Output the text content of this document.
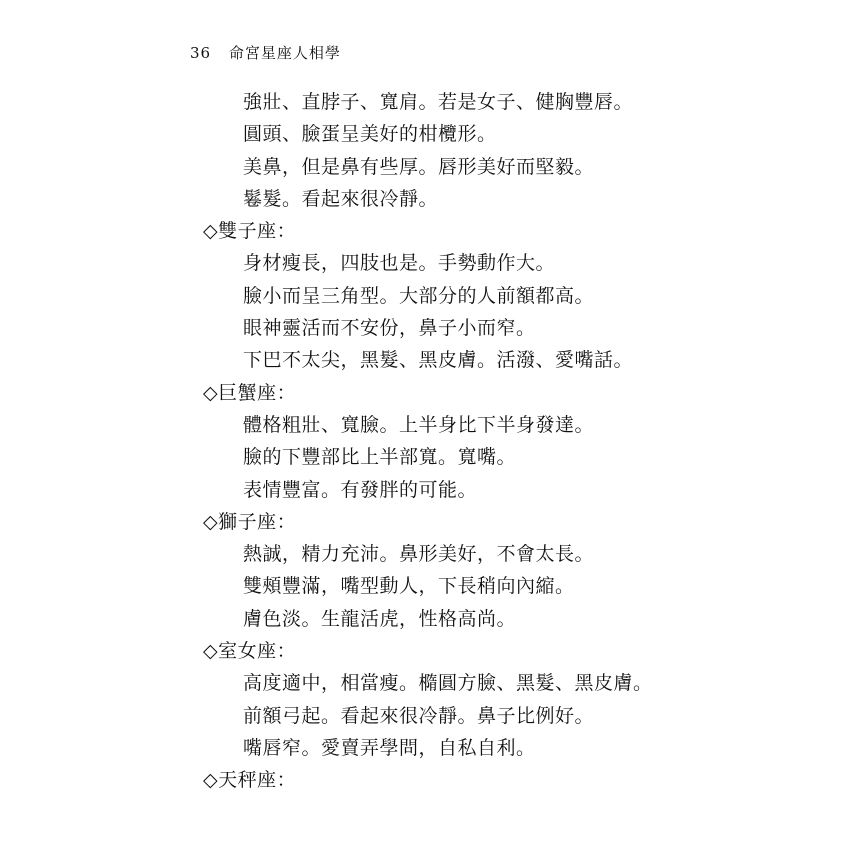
36 命宮星座人相學
強壯、直脖子、寬肩。若是女子、健胸豐唇。
圓頭、臉蛋呈美好的柑欖形。
美鼻，但是鼻有些厚。唇形美好而堅毅。
鬈髮。看起來很冷靜。
◇雙子座：
身材瘦長，四肢也是。手勢動作大。
臉小而呈三角型。大部分的人前額都高。
眼神靈活而不安份，鼻子小而窄。
下巴不太尖，黑髮、黑皮膚。活潑、愛嘴話。
◇巨蟹座：
體格粗壯、寬臉。上半身比下半身發達。
臉的下豐部比上半部寬。寬嘴。
表情豐富。有發胖的可能。
◇獅子座：
熱誠，精力充沛。鼻形美好，不會太長。
雙頰豐滿，嘴型動人，下長稍向內縮。
膚色淡。生龍活虎，性格高尚。
◇室女座：
高度適中，相當瘦。橢圓方臉、黑髮、黑皮膚。
前額弓起。看起來很冷靜。鼻子比例好。
嘴唇窄。愛賣弄學問，自私自利。
◇天秤座：
